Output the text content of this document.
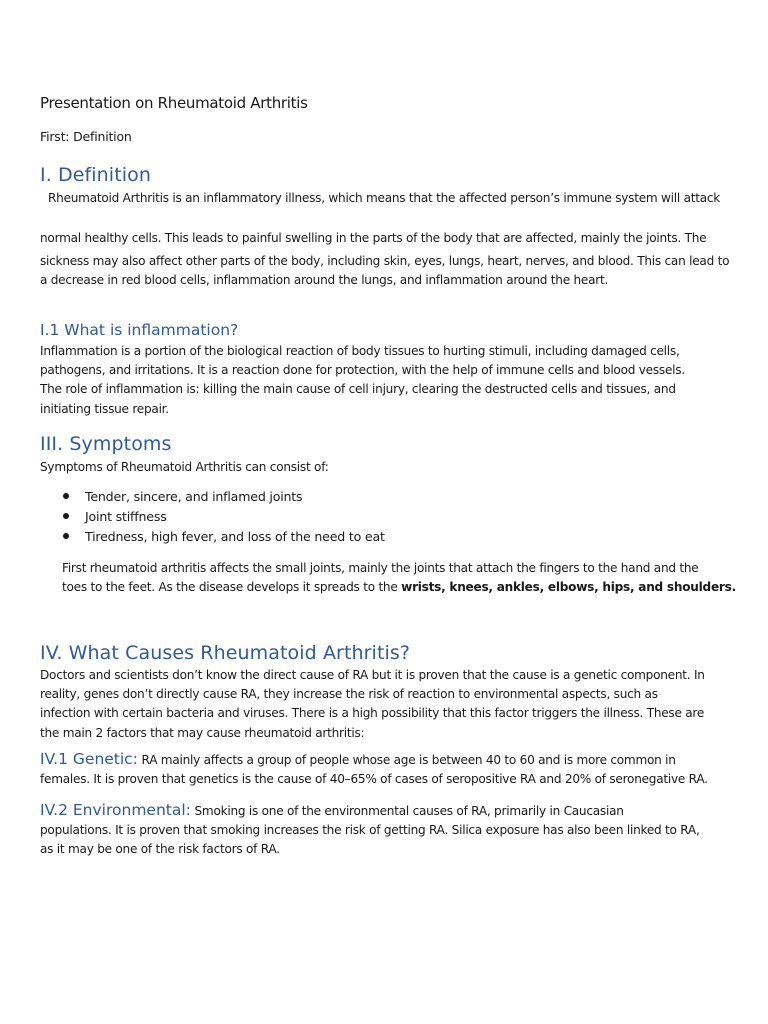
Presentation on Rheumatoid Arthritis
First: Definition
I. Definition

Rheumatoid Arthritis is an inflammatory illness, which means that the affected person’s immune system will attack

normal healthy cells. This leads to painful swelling in the parts of the body that are affected, mainly the joints. The

sickness may also affect other parts of the body, including skin, eyes, lungs, heart, nerves, and blood. This can lead to

a decrease in red blood cells, inflammation around the lungs, and inflammation around the heart.

I.1 What is inflammation?

Inflammation is a portion of the biological reaction of body tissues to hurting stimuli, including damaged cells,

pathogens, and irritations. It is a reaction done for protection, with the help of immune cells and blood vessels.

The role of inflammation is: killing the main cause of cell injury, clearing the destructed cells and tissues, and

initiating tissue repair.

III. Symptoms

Symptoms of Rheumatoid Arthritis can consist of:

Tender, sincere, and inflamed joints
Joint stiffness
Tiredness, high fever, and loss of the need to eat

First rheumatoid arthritis affects the small joints, mainly the joints that attach the fingers to the hand and the

toes to the feet. As the disease develops it spreads to the wrists, knees, ankles, elbows, hips, and shoulders.

IV. What Causes Rheumatoid Arthritis?

Doctors and scientists don’t know the direct cause of RA but it is proven that the cause is a genetic component. In

reality, genes don’t directly cause RA, they increase the risk of reaction to environmental aspects, such as

infection with certain bacteria and viruses. There is a high possibility that this factor triggers the illness. These are

the main 2 factors that may cause rheumatoid arthritis:

IV.1 Genetic: RA mainly affects a group of people whose age is between 40 to 60 and is more common in

females. It is proven that genetics is the cause of 40–65% of cases of seropositive RA and 20% of seronegative RA.

IV.2 Environmental: Smoking is one of the environmental causes of RA, primarily in Caucasian

populations. It is proven that smoking increases the risk of getting RA. Silica exposure has also been linked to RA,

as it may be one of the risk factors of RA.
